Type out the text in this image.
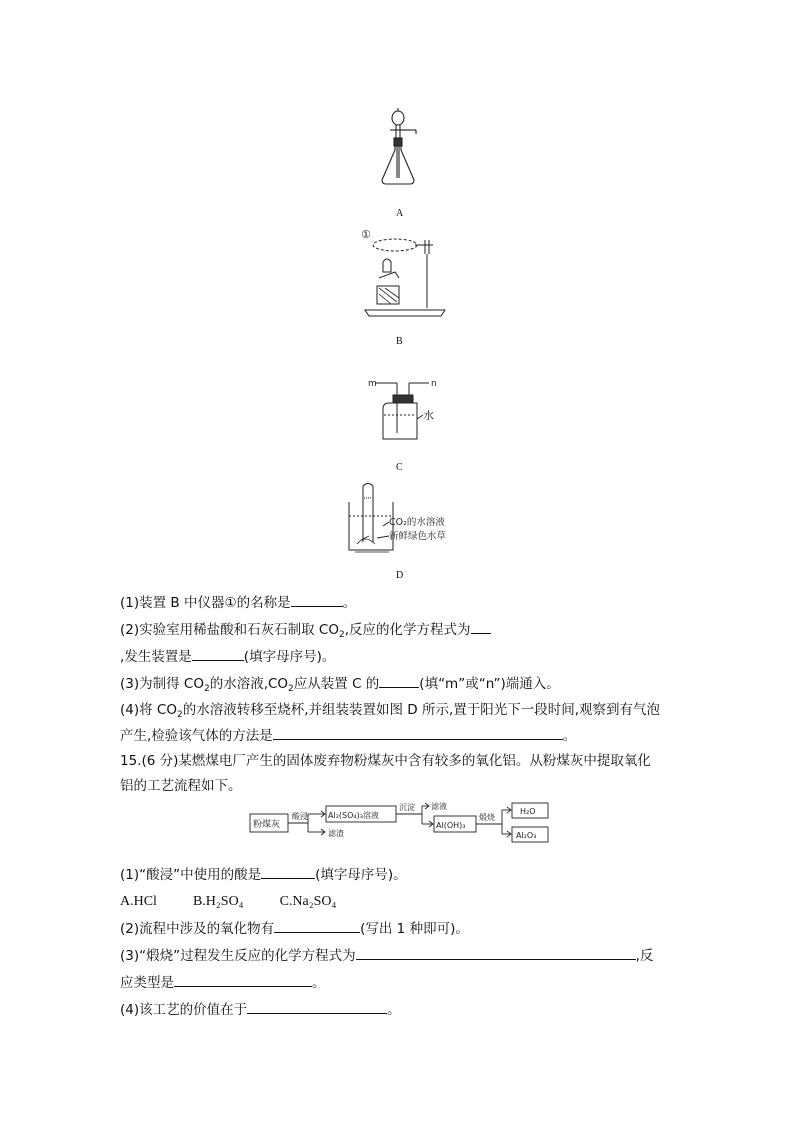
A
①
B
m	n
水
C
CO₂的水溶液
新鲜绿色水草
D
(1)装置 B 中仪器①的名称是	。
(2)实验室用稀盐酸和石灰石制取 $CO_2$,反应的化学方程式为
,发生装置是	(填字母序号)。
(3)为制得 $CO_2$的水溶液$,CO_2$应从装置 C 的	(填“m”或“n”)端通入。
(4)将 $CO_2$的水溶液转移至烧杯,并组装装置如图 D 所示,置于阳光下一段时间,观察到有气泡
产生,检验该气体的方法是	。
15.(6 分)某燃煤电厂产生的固体废弃物粉煤灰中含有较多的氧化铝。从粉煤灰中提取氧化
铝的工艺流程如下。
粉煤灰
酸浸	Al₂(SO₄)₃溶液
滤渣
沉淀 滤液
Al(OH)₃
煅烧
H₂O
Al₂O₃
(1)“酸浸”中使用的酸是	(填字母序号)。
A.HCl	B.H₂SO₄	C.Na₂SO₄
(2)流程中涉及的氧化物有	(写出 1 种即可)。
(3)“煅烧”过程发生反应的化学方程式为	,反
应类型是	。
(4)该工艺的价值在于	。
